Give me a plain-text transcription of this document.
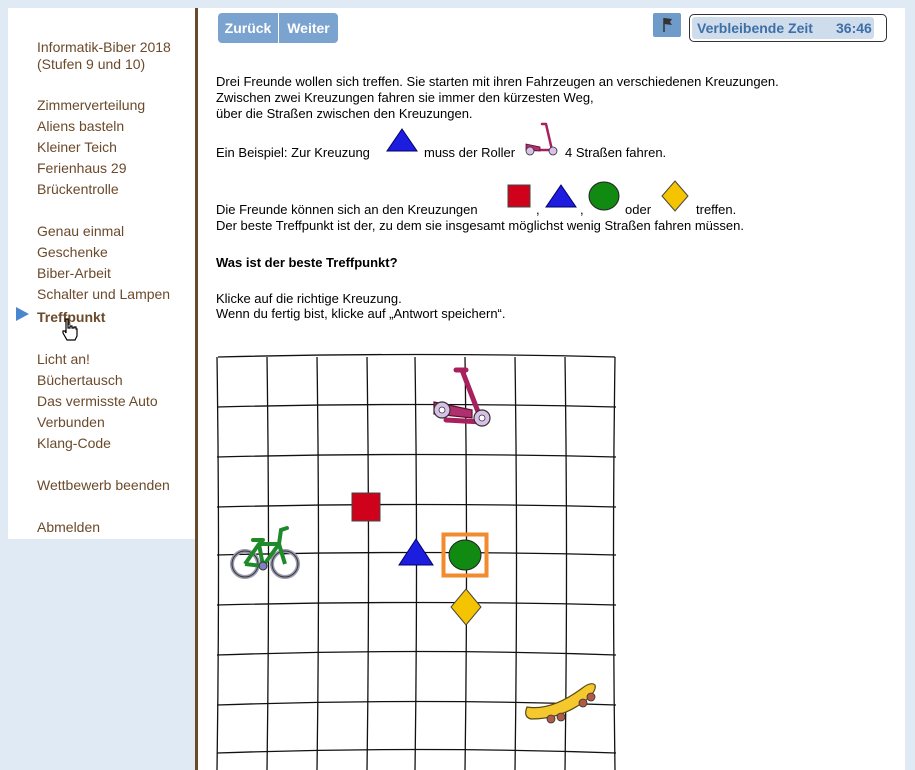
Informatik-Biber 2018
(Stufen 9 und 10)
Zimmerverteilung
Aliens basteln
Kleiner Teich
Ferienhaus 29
Brückentrolle
Genau einmal
Geschenke
Biber-Arbeit
Schalter und Lampen
Treffpunkt
Licht an!
Büchertausch
Das vermisste Auto
Verbunden
Klang-Code
Wettbewerb beenden
Abmelden
Zurück	Weiter	Verbleibende Zeit 36:46
Drei Freunde wollen sich treffen. Sie starten mit ihren Fahrzeugen an verschiedenen Kreuzungen.
Zwischen zwei Kreuzungen fahren sie immer den kürzesten Weg,
über die Straßen zwischen den Kreuzungen.
Ein Beispiel: Zur Kreuzung	muss der Roller	4 Straßen fahren.
Die Freunde können sich an den Kreuzungen	,	,	oder	treffen.
Der beste Treffpunkt ist der, zu dem sie insgesamt möglichst wenig Straßen fahren müssen.
Was ist der beste Treffpunkt?
Klicke auf die richtige Kreuzung.
Wenn du fertig bist, klicke auf „Antwort speichern“.
